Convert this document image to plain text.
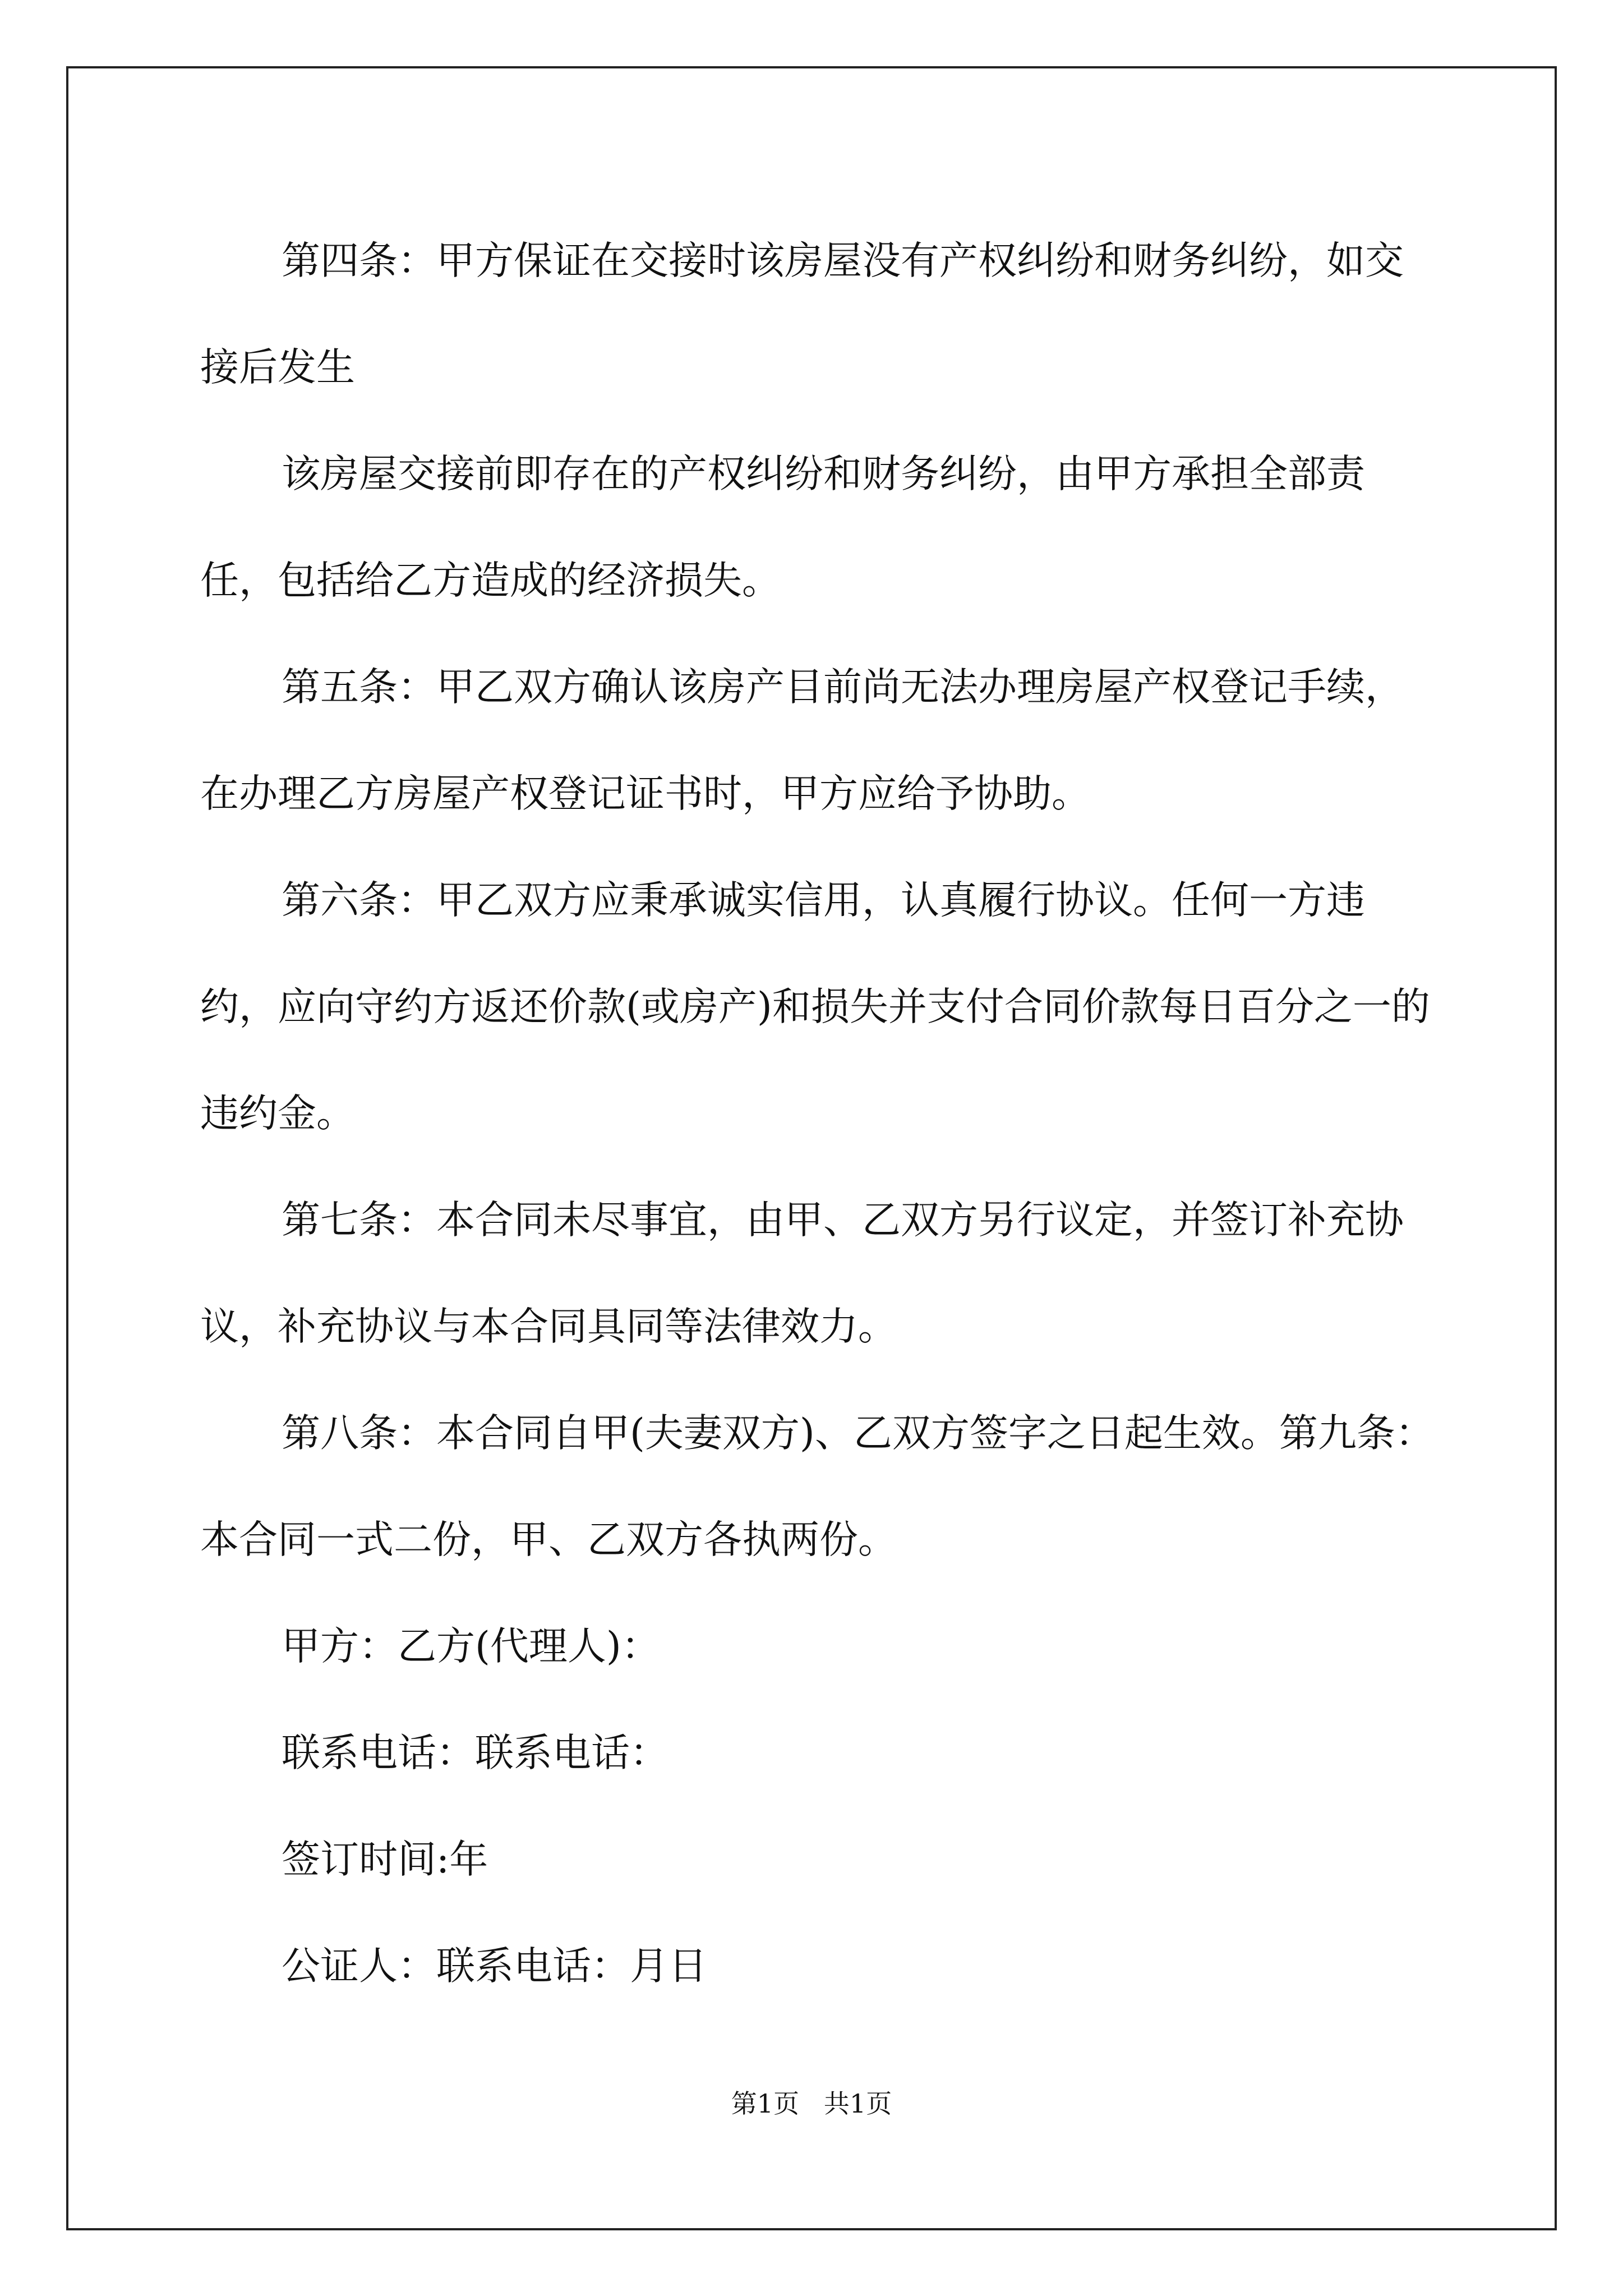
第四条：甲方保证在交接时该房屋没有产权纠纷和财务纠纷，如交接后发生

该房屋交接前即存在的产权纠纷和财务纠纷，由甲方承担全部责任，包括给乙方造成的经济损失。

第五条：甲乙双方确认该房产目前尚无法办理房屋产权登记手续，在办理乙方房屋产权登记证书时，甲方应给予协助。

第六条：甲乙双方应秉承诚实信用，认真履行协议。任何一方违约，应向守约方返还价款(或房产)和损失并支付合同价款每日百分之一的违约金。

第七条：本合同未尽事宜，由甲、乙双方另行议定，并签订补充协议，补充协议与本合同具同等法律效力。

第八条：本合同自甲(夫妻双方)、乙双方签字之日起生效。第九条：本合同一式二份，甲、乙双方各执两份。

甲方：乙方(代理人)：

联系电话：联系电话：

签订时间:年

公证人：联系电话：月日

第1页   共1页
